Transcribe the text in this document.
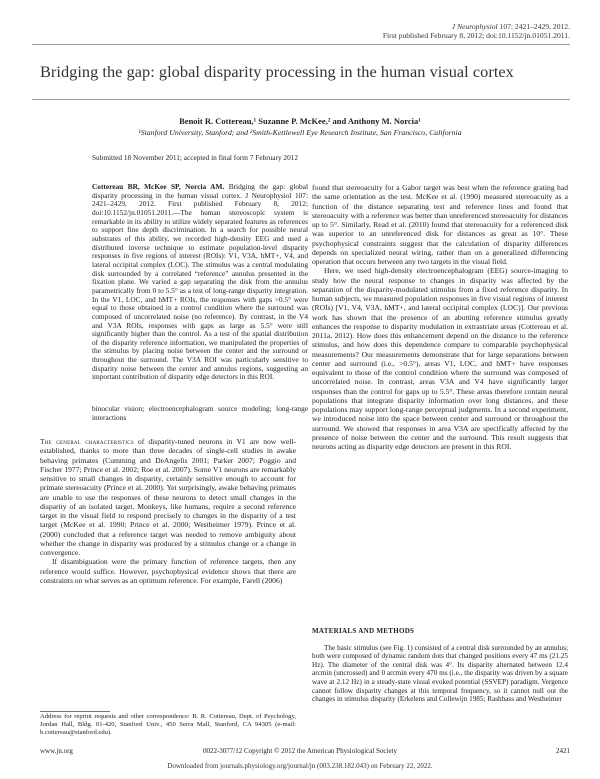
J Neurophysiol 107: 2421–2429, 2012.
First published February 8, 2012; doi:10.1152/jn.01051.2011.
Bridging the gap: global disparity processing in the human visual cortex
Benoit R. Cottereau,¹ Suzanne P. McKee,² and Anthony M. Norcia¹
¹Stanford University, Stanford; and ²Smith-Kettlewell Eye Research Institute, San Francisco, California
Submitted 18 November 2011; accepted in final form 7 February 2012

Cottereau BR, McKee SP, Norcia AM. Bridging the gap: global disparity processing in the human visual cortex. J Neurophysiol 107: 2421–2429, 2012. First published February 8, 2012; doi:10.1152/jn.01051.2011.—The human stereoscopic system is remarkable in its ability to utilize widely separated features as references to support fine depth discrimination. In a search for possible neural substrates of this ability, we recorded high-density EEG and used a distributed inverse technique to estimate population-level disparity responses in five regions of interest (ROIs): V1, V3A, hMT+, V4, and lateral occipital complex (LOC). The stimulus was a central modulating disk surrounded by a correlated “reference” annulus presented in the fixation plane. We varied a gap separating the disk from the annulus parametrically from 0 to 5.5° as a test of long-range disparity integration. In the V1, LOC, and hMT+ ROIs, the responses with gaps >0.5° were equal to those obtained in a control condition where the surround was composed of uncorrelated noise (no reference). By contrast, in the V4 and V3A ROIs, responses with gaps as large as 5.5° were still significantly higher than the control. As a test of the spatial distribution of the disparity reference information, we manipulated the properties of the stimulus by placing noise between the center and the surround or throughout the surround. The V3A ROI was particularly sensitive to disparity noise between the center and annulus regions, suggesting an important contribution of disparity edge detectors in this ROI.

binocular vision; electroencephalogram source modeling; long-range interactions

The general characteristics of disparity-tuned neurons in V1 are now well-established, thanks to more than three decades of single-cell studies in awake behaving primates (Cumming and DeAngelis 2001; Parker 2007; Poggio and Fischer 1977; Prince et al. 2002; Roe et al. 2007). Some V1 neurons are remarkably sensitive to small changes in disparity, certainly sensitive enough to account for primate stereoacuity (Prince et al. 2000). Yet surprisingly, awake behaving primates are unable to use the responses of these neurons to detect small changes in the disparity of an isolated target. Monkeys, like humans, require a second reference target in the visual field to respond precisely to changes in the disparity of a test target (McKee et al. 1990; Prince et al. 2000; Westheimer 1979). Prince et al. (2000) concluded that a reference target was needed to remove ambiguity about whether the change in disparity was produced by a stimulus change or a change in convergence.

If disambiguation were the primary function of reference targets, then any reference would suffice. However, psychophysical evidence shows that there are constraints on what serves as an optimum reference. For example, Farell (2006)

found that stereoacuity for a Gabor target was best when the reference grating had the same orientation as the test. McKee et al. (1990) measured stereoacuity as a function of the distance separating test and reference lines and found that stereoacuity with a reference was better than unreferenced stereoacuity for distances up to 5°. Similarly, Read et al. (2010) found that stereoacuity for a referenced disk was superior to an unreferenced disk for distances as great as 10°. These psychophysical constraints suggest that the calculation of disparity differences depends on specialized neural wiring, rather than on a generalized differencing operation that occurs between any two targets in the visual field.

Here, we used high-density electroencephalogram (EEG) source-imaging to study how the neural response to changes in disparity was affected by the separation of the disparity-modulated stimulus from a fixed reference disparity. In human subjects, we measured population responses in five visual regions of interest (ROIs) [V1, V4, V3A, hMT+, and lateral occipital complex (LOC)]. Our previous work has shown that the presence of an abutting reference stimulus greatly enhances the response to disparity modulation in extrastriate areas (Cottereau et al. 2011a, 2012). How does this enhancement depend on the distance to the reference stimulus, and how does this dependence compare to comparable psychophysical measurements? Our measurements demonstrate that for large separations between center and surround (i.e., >0.5°), areas V1, LOC, and hMT+ have responses equivalent to those of the control condition where the surround was composed of uncorrelated noise. In contrast, areas V3A and V4 have significantly larger responses than the control for gaps up to 5.5°. These areas therefore contain neural populations that integrate disparity information over long distances, and these populations may support long-range perceptual judgments. In a second experiment, we introduced noise into the space between center and surround or throughout the surround. We showed that responses in area V3A are specifically affected by the presence of noise between the center and the surround. This result suggests that neurons acting as disparity edge detectors are present in this ROI.

MATERIALS AND METHODS

The basic stimulus (see Fig. 1) consisted of a central disk surrounded by an annulus; both were composed of dynamic random dots that changed positions every 47 ms (21.25 Hz). The diameter of the central disk was 4°. Its disparity alternated between 12.4 arcmin (uncrossed) and 0 arcmin every 470 ms (i.e., the disparity was driven by a square wave at 2.12 Hz) in a steady-state visual evoked potential (SSVEP) paradigm. Vergence cannot follow disparity changes at this temporal frequency, so it cannot null out the changes in stimulus disparity (Erkelens and Collewijn 1985; Rashbass and Westheimer

Address for reprint requests and other correspondence: B. R. Cottereau, Dept. of Psychology, Jordan Hall, Bldg. 01-420, Stanford Univ., 450 Serra Mall, Stanford, CA 94305 (e-mail: b.cottereau@stanford.edu).
www.jn.org	0022-3077/12 Copyright © 2012 the American Physiological Society	2421
Downloaded from journals.physiology.org/journal/jn (003.238.182.043) on February 22, 2022.
